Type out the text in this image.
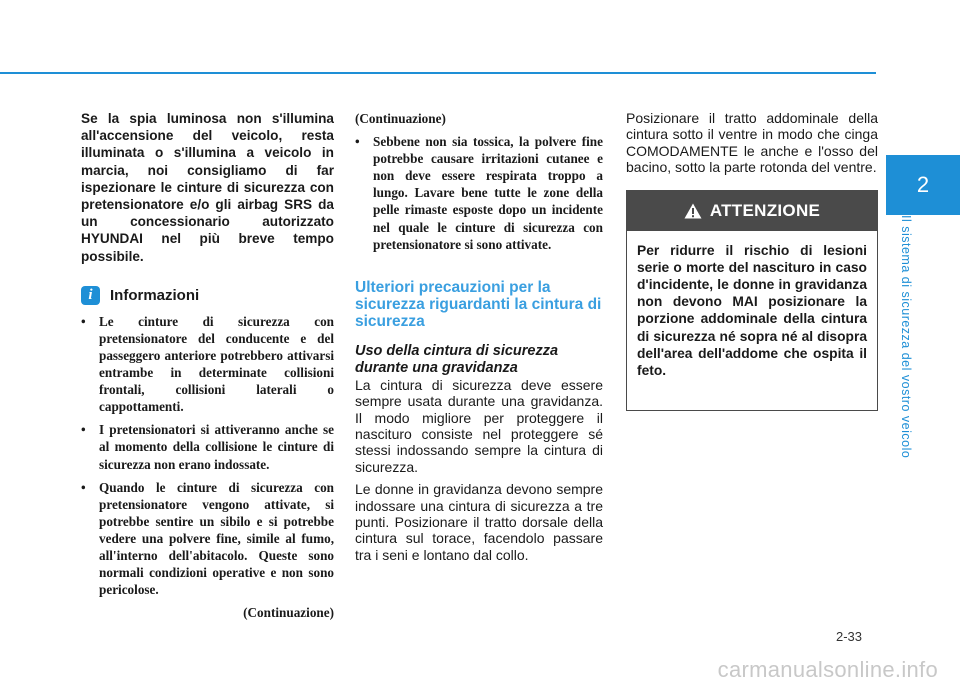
2
Il sistema di sicurezza del vostro veicolo

Se la spia luminosa non s'illumina all'accensione del veicolo, resta illuminata o s'illumina a veicolo in marcia, noi consigliamo di far ispezionare le cinture di sicurezza con pretensionatore e/o gli airbag SRS da un concessionario autorizzato HYUNDAI nel più breve tempo possibile.

i	Informazioni
• Le cinture di sicurezza con pretensionatore del conducente e del passeggero anteriore potrebbero attivarsi entrambe in determinate collisioni frontali, collisioni laterali o cappottamenti.
• I pretensionatori si attiveranno anche se al momento della collisione le cinture di sicurezza non erano indossate.
• Quando le cinture di sicurezza con pretensionatore vengono attivate, si potrebbe sentire un sibilo e si potrebbe vedere una polvere fine, simile al fumo, all'interno dell'abitacolo. Queste sono normali condizioni operative e non sono pericolose.

(Continuazione)

(Continuazione)

• Sebbene non sia tossica, la polvere fine potrebbe causare irritazioni cutanee e non deve essere respirata troppo a lungo. Lavare bene tutte le zone della pelle rimaste esposte dopo un incidente nel quale le cinture di sicurezza con pretensionatore si sono attivate.
Ulteriori precauzioni per la sicurezza riguardanti la cintura di sicurezza
Uso della cintura di sicurezza durante una gravidanza

La cintura di sicurezza deve essere sempre usata durante una gravidanza. Il modo migliore per proteggere il nascituro consiste nel proteggere sé stessi indossando sempre la cintura di sicurezza.

Le donne in gravidanza devono sempre indossare una cintura di sicurezza a tre punti. Posizionare il tratto dorsale della cintura sul torace, facendolo passare tra i seni e lontano dal collo.

Posizionare il tratto addominale della cintura sotto il ventre in modo che cinga COMODAMENTE le anche e l'osso del bacino, sotto la parte rotonda del ventre.

ATTENZIONE

Per ridurre il rischio di lesioni serie o morte del nascituro in caso d'incidente, le donne in gravidanza non devono MAI posizionare la porzione addominale della cintura di sicurezza né sopra né al disopra dell'area dell'addome che ospita il feto.

2-33
carmanualsonline.info
